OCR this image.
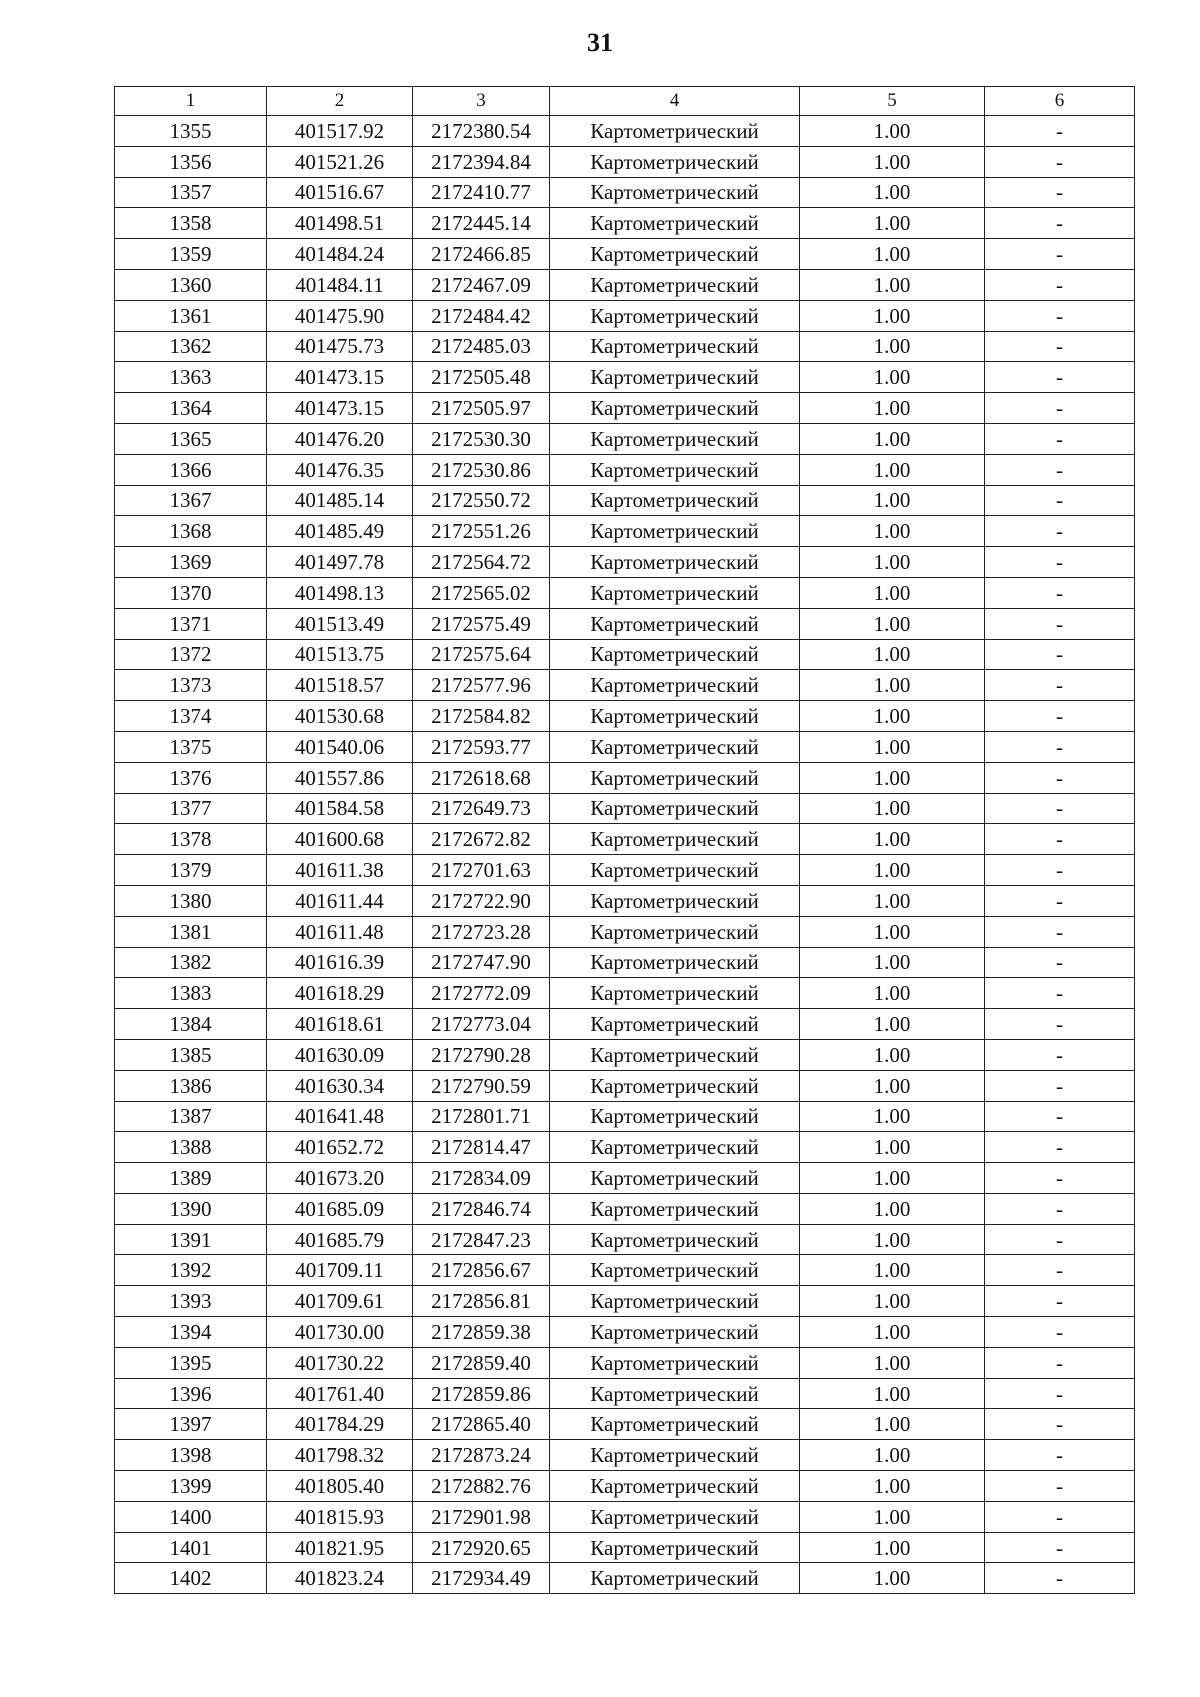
31
1	2	3	4	5	6
1355	401517.92	2172380.54	Картометрический	1.00	-
1356	401521.26	2172394.84	Картометрический	1.00	-
1357	401516.67	2172410.77	Картометрический	1.00	-
1358	401498.51	2172445.14	Картометрический	1.00	-
1359	401484.24	2172466.85	Картометрический	1.00	-
1360	401484.11	2172467.09	Картометрический	1.00	-
1361	401475.90	2172484.42	Картометрический	1.00	-
1362	401475.73	2172485.03	Картометрический	1.00	-
1363	401473.15	2172505.48	Картометрический	1.00	-
1364	401473.15	2172505.97	Картометрический	1.00	-
1365	401476.20	2172530.30	Картометрический	1.00	-
1366	401476.35	2172530.86	Картометрический	1.00	-
1367	401485.14	2172550.72	Картометрический	1.00	-
1368	401485.49	2172551.26	Картометрический	1.00	-
1369	401497.78	2172564.72	Картометрический	1.00	-
1370	401498.13	2172565.02	Картометрический	1.00	-
1371	401513.49	2172575.49	Картометрический	1.00	-
1372	401513.75	2172575.64	Картометрический	1.00	-
1373	401518.57	2172577.96	Картометрический	1.00	-
1374	401530.68	2172584.82	Картометрический	1.00	-
1375	401540.06	2172593.77	Картометрический	1.00	-
1376	401557.86	2172618.68	Картометрический	1.00	-
1377	401584.58	2172649.73	Картометрический	1.00	-
1378	401600.68	2172672.82	Картометрический	1.00	-
1379	401611.38	2172701.63	Картометрический	1.00	-
1380	401611.44	2172722.90	Картометрический	1.00	-
1381	401611.48	2172723.28	Картометрический	1.00	-
1382	401616.39	2172747.90	Картометрический	1.00	-
1383	401618.29	2172772.09	Картометрический	1.00	-
1384	401618.61	2172773.04	Картометрический	1.00	-
1385	401630.09	2172790.28	Картометрический	1.00	-
1386	401630.34	2172790.59	Картометрический	1.00	-
1387	401641.48	2172801.71	Картометрический	1.00	-
1388	401652.72	2172814.47	Картометрический	1.00	-
1389	401673.20	2172834.09	Картометрический	1.00	-
1390	401685.09	2172846.74	Картометрический	1.00	-
1391	401685.79	2172847.23	Картометрический	1.00	-
1392	401709.11	2172856.67	Картометрический	1.00	-
1393	401709.61	2172856.81	Картометрический	1.00	-
1394	401730.00	2172859.38	Картометрический	1.00	-
1395	401730.22	2172859.40	Картометрический	1.00	-
1396	401761.40	2172859.86	Картометрический	1.00	-
1397	401784.29	2172865.40	Картометрический	1.00	-
1398	401798.32	2172873.24	Картометрический	1.00	-
1399	401805.40	2172882.76	Картометрический	1.00	-
1400	401815.93	2172901.98	Картометрический	1.00	-
1401	401821.95	2172920.65	Картометрический	1.00	-
1402	401823.24	2172934.49	Картометрический	1.00	-
